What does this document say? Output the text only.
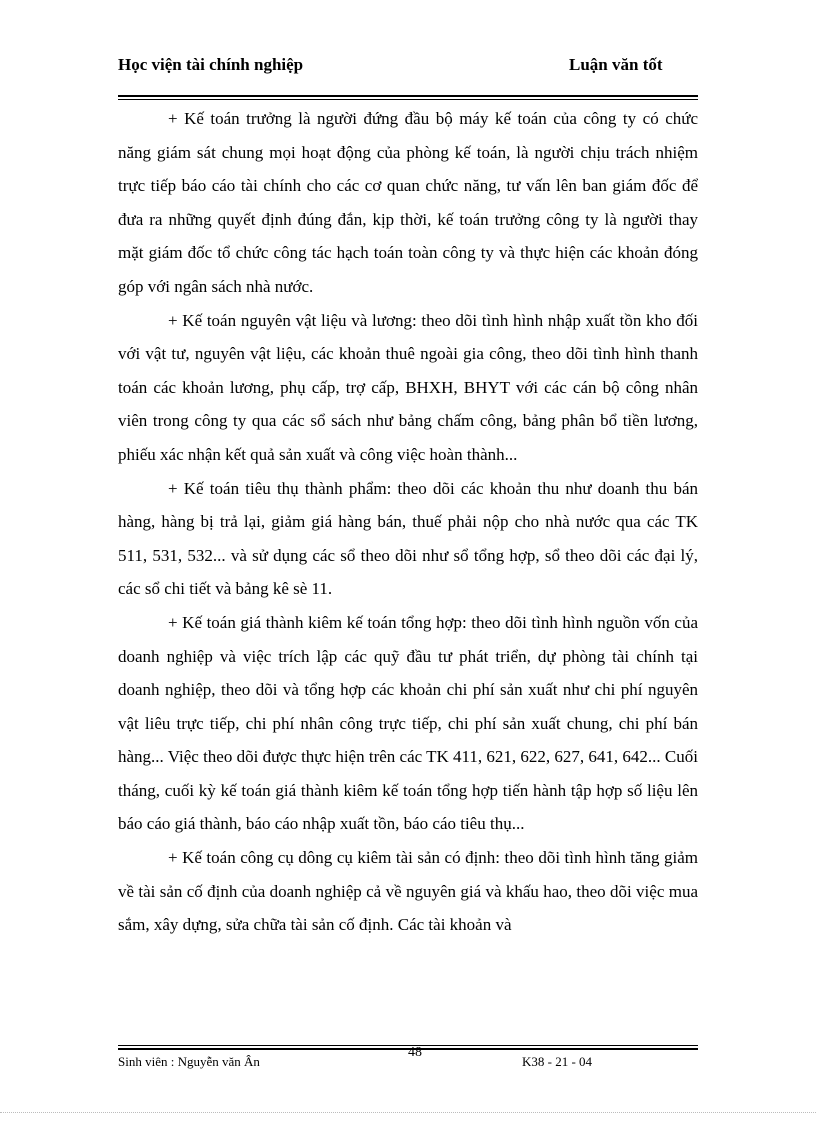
Học viện tài chính nghiệp	Luận văn tốt

+ Kế toán trưởng là người đứng đầu bộ máy kế toán của công ty có chức năng giám sát chung mọi hoạt động của phòng kế toán, là người chịu trách nhiệm trực tiếp báo cáo tài chính cho các cơ quan chức năng, tư vấn lên ban giám đốc để đưa ra những quyết định đúng đắn, kịp thời, kế toán trưởng công ty là người thay mặt giám đốc tổ chức công tác hạch toán toàn công ty và thực hiện các khoản đóng góp với ngân sách nhà nước.

+ Kế toán nguyên vật liệu và lương: theo dõi tình hình nhập xuất tồn kho đối với vật tư, nguyên vật liệu, các khoản thuê ngoài gia công, theo dõi tình hình thanh toán các khoản lương, phụ cấp, trợ cấp, BHXH, BHYT với các cán bộ công nhân viên trong công ty qua các sổ sách như bảng chấm công, bảng phân bổ tiền lương, phiếu xác nhận kết quả sản xuất và công việc hoàn thành...

+ Kế toán tiêu thụ thành phẩm: theo dõi các khoản thu như doanh thu bán hàng, hàng bị trả lại, giảm giá hàng bán, thuế phải nộp cho nhà nước qua các TK 511, 531, 532... và sử dụng các sổ theo dõi như sổ tổng hợp, sổ theo dõi các đại lý, các sổ chi tiết và bảng kê sè 11.

+ Kế toán giá thành kiêm kế toán tổng hợp: theo dõi tình hình nguồn vốn của doanh nghiệp và việc trích lập các quỹ đầu tư phát triển, dự phòng tài chính tại doanh nghiệp, theo dõi và tổng hợp các khoản chi phí sản xuất như chi phí nguyên vật liêu trực tiếp, chi phí nhân công trực tiếp, chi phí sản xuất chung, chi phí bán hàng... Việc theo dõi được thực hiện trên các TK 411, 621, 622, 627, 641, 642... Cuối tháng, cuối kỳ kế toán giá thành kiêm kế toán tổng hợp tiến hành tập hợp số liệu lên báo cáo giá thành, báo cáo nhập xuất tồn, báo cáo tiêu thụ...

+ Kế toán công cụ dông cụ kiêm tài sản có định: theo dõi tình hình tăng giảm về tài sản cố định của doanh nghiệp cả về nguyên giá và khấu hao, theo dõi việc mua sắm, xây dựng, sửa chữa tài sản cố định. Các tài khoản và

Sinh viên : Nguyễn văn Ân
48
K38 - 21 - 04
